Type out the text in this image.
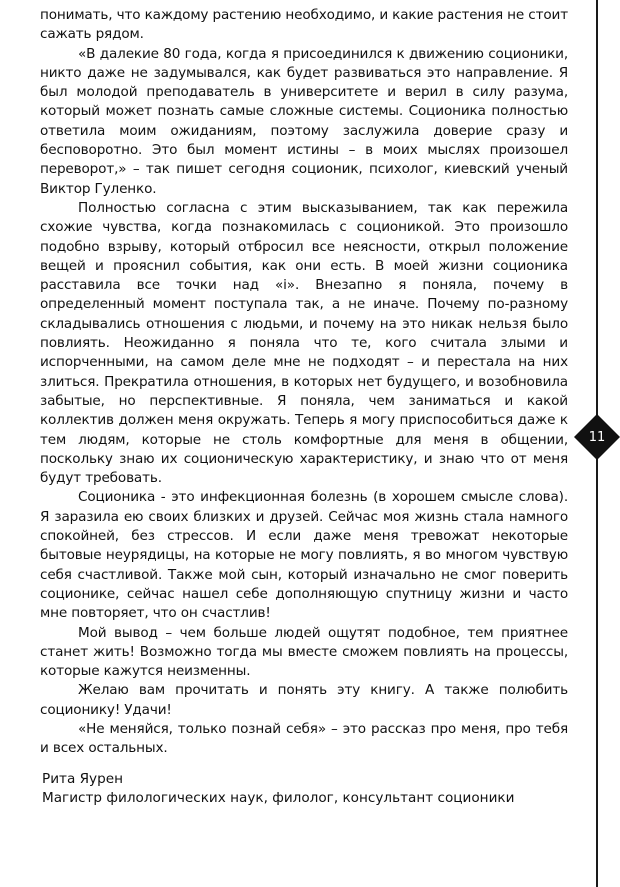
понимать, что каждому растению необходимо, и какие растения не стоит сажать рядом.

«В далекие 80 года, когда я присоединился к движению соционики, никто даже не задумывался, как будет развиваться это направление. Я был молодой преподаватель в университете и верил в силу разума, который может познать самые сложные системы. Соционика полностью ответила моим ожиданиям, поэтому заслужила доверие сразу и бесповоротно. Это был момент истины – в моих мыслях произошел переворот,» – так пишет сегодня соционик, психолог, киевский ученый Виктор Гуленко.

Полностью согласна с этим высказыванием, так как пережила схожие чувства, когда познакомилась с соционикой. Это произошло подобно взрыву, который отбросил все неясности, открыл положение вещей и прояснил события, как они есть. В моей жизни соционика расставила все точки над «i». Внезапно я поняла, почему в определенный момент поступала так, а не иначе. Почему по-разному складывались отношения с людьми, и почему на это никак нельзя было повлиять. Неожиданно я поняла что те, кого считала злыми и испорченными, на самом деле мне не подходят – и перестала на них злиться. Прекратила отношения, в которых нет будущего, и возобновила забытые, но перспективные. Я поняла, чем заниматься и какой коллектив должен меня окружать. Теперь я могу приспособиться даже к тем людям, которые не столь комфортные для меня в общении, поскольку знаю их соционическую характеристику, и знаю что от меня будут требовать.

Соционика - это инфекционная болезнь (в хорошем смысле слова). Я заразила ею своих близких и друзей. Сейчас моя жизнь стала намного спокойней, без стрессов. И если даже меня тревожат некоторые бытовые неурядицы, на которые не могу повлиять, я во многом чувствую себя счастливой. Также мой сын, который изначально не смог поверить соционике, сейчас нашел себе дополняющую спутницу жизни и часто мне повторяет, что он счастлив!

Мой вывод – чем больше людей ощутят подобное, тем приятнее станет жить! Возможно тогда мы вместе сможем повлиять на процессы, которые кажутся неизменны.

Желаю вам прочитать и понять эту книгу. А также полюбить соционику! Удачи!

«Не меняйся, только познай себя» – это рассказ про меня, про тебя и всех остальных.

Рита Яурен
Магистр филологических наук, филолог, консультант соционики
11
